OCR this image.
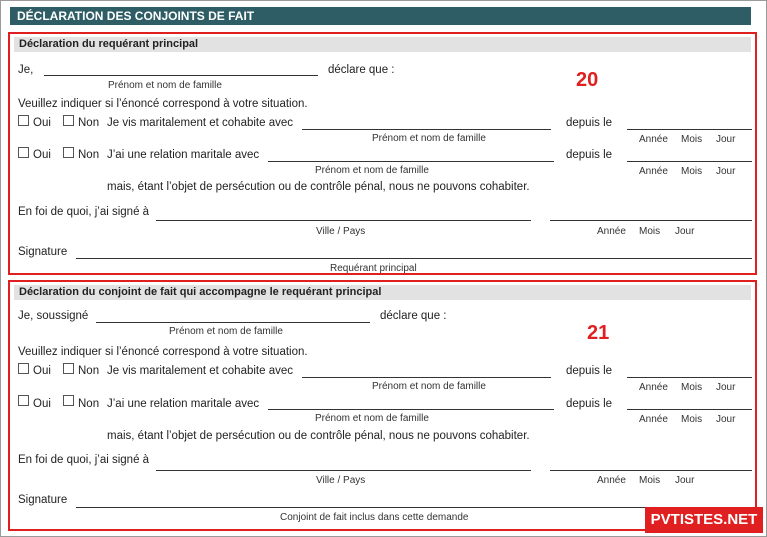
DÉCLARATION DES CONJOINTS DE FAIT
Déclaration du requérant principal
Je,	déclare que :
Prénom et nom de famille	20
Veuillez indiquer si l’énoncé correspond à votre situation.
Oui Non Je vis maritalement et cohabite avec
Prénom et nom de famille
depuis le
Année Mois Jour
Oui Non J’ai une relation maritale avec
Prénom et nom de famille
depuis le
Année Mois Jour
mais, étant l’objet de persécution ou de contrôle pénal, nous ne pouvons cohabiter.
En foi de quoi, j’ai signé à
Ville / Pays	Année Mois Jour
Signature
Requérant principal
Déclaration du conjoint de fait qui accompagne le requérant principal
Je, soussigné	déclare que :
Prénom et nom de famille	21
Veuillez indiquer si l’énoncé correspond à votre situation.
Oui Non Je vis maritalement et cohabite avec
Prénom et nom de famille
depuis le
Année Mois Jour
Oui Non J’ai une relation maritale avec
Prénom et nom de famille
depuis le
Année Mois Jour
mais, étant l’objet de persécution ou de contrôle pénal, nous ne pouvons cohabiter.
En foi de quoi, j’ai signé à
Ville / Pays	Année Mois Jour
Signature
Conjoint de fait inclus dans cette demande	PVTISTES.NET
